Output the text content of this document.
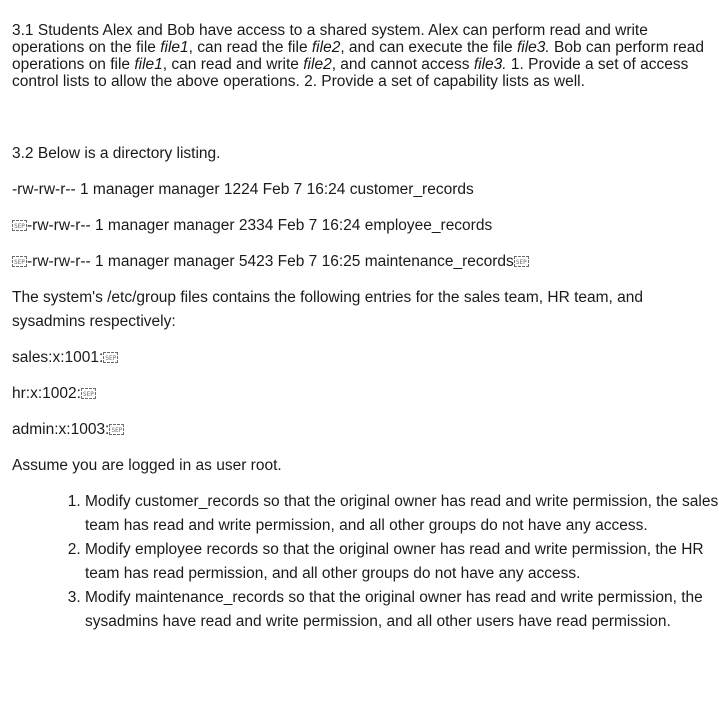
3.1 Students Alex and Bob have access to a shared system. Alex can perform read and write operations on the file file1, can read the file file2, and can execute the file file3. Bob can perform read operations on file file1, can read and write file2, and cannot access file3. 1. Provide a set of access control lists to allow the above operations. 2. Provide a set of capability lists as well.

3.2 Below is a directory listing.

-rw-rw-r-- 1 manager manager 1224 Feb 7 16:24 customer_records

SEP -rw-rw-r-- 1 manager manager 2334 Feb 7 16:24 employee_records

SEP -rw-rw-r-- 1 manager manager 5423 Feb 7 16:25 maintenance_records SEP

The system's /etc/group files contains the following entries for the sales team, HR team, and sysadmins respectively:

sales:x:1001: SEP

hr:x:1002: SEP

admin:x:1003: SEP

Assume you are logged in as user root.

1. Modify customer_records so that the original owner has read and write permission, the sales team has read and write permission, and all other groups do not have any access.
2. Modify employee records so that the original owner has read and write permission, the HR team has read permission, and all other groups do not have any access.
3. Modify maintenance_records so that the original owner has read and write permission, the sysadmins have read and write permission, and all other users have read permission.
